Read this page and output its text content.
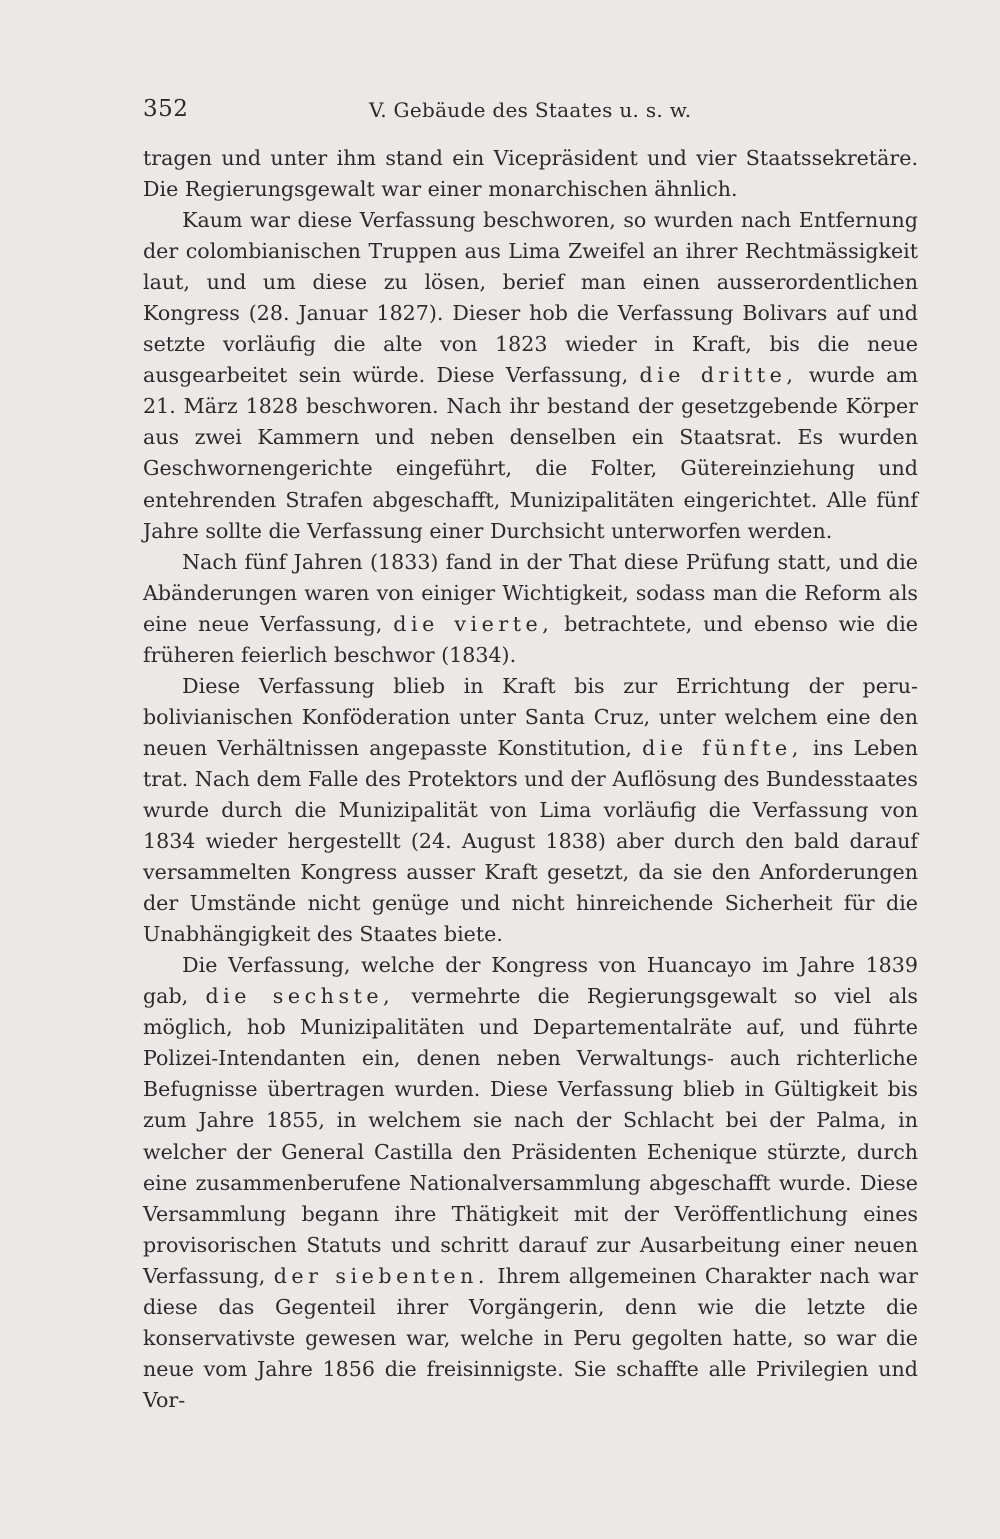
352	V. Gebäude des Staates u. s. w.

tragen und unter ihm stand ein Vicepräsident und vier Staatssekretäre. Die Regierungsgewalt war einer monarchischen ähnlich.

Kaum war diese Verfassung beschworen, so wurden nach Entfernung der colombianischen Truppen aus Lima Zweifel an ihrer Rechtmässigkeit laut, und um diese zu lösen, berief man einen ausserordentlichen Kongress (28. Januar 1827). Dieser hob die Verfassung Bolivars auf und setzte vorläufig die alte von 1823 wieder in Kraft, bis die neue ausgearbeitet sein würde. Diese Verfassung, die dritte, wurde am 21. März 1828 beschworen. Nach ihr bestand der gesetzgebende Körper aus zwei Kammern und neben denselben ein Staatsrat. Es wurden Geschwornengerichte eingeführt, die Folter, Gütereinziehung und entehrenden Strafen abgeschafft, Munizipalitäten eingerichtet. Alle fünf Jahre sollte die Verfassung einer Durchsicht unterworfen werden.

Nach fünf Jahren (1833) fand in der That diese Prüfung statt, und die Abänderungen waren von einiger Wichtigkeit, sodass man die Reform als eine neue Verfassung, die vierte, betrachtete, und ebenso wie die früheren feierlich beschwor (1834).

Diese Verfassung blieb in Kraft bis zur Errichtung der peru-bolivianischen Konföderation unter Santa Cruz, unter welchem eine den neuen Verhältnissen angepasste Konstitution, die fünfte, ins Leben trat. Nach dem Falle des Protektors und der Auflösung des Bundesstaates wurde durch die Munizipalität von Lima vorläufig die Verfassung von 1834 wieder hergestellt (24. August 1838) aber durch den bald darauf versammelten Kongress ausser Kraft gesetzt, da sie den Anforderungen der Umstände nicht genüge und nicht hinreichende Sicherheit für die Unabhängigkeit des Staates biete.

Die Verfassung, welche der Kongress von Huancayo im Jahre 1839 gab, die sechste, vermehrte die Regierungsgewalt so viel als möglich, hob Munizipalitäten und Departementalräte auf, und führte Polizei-Intendanten ein, denen neben Verwaltungs- auch richterliche Befugnisse übertragen wurden. Diese Verfassung blieb in Gültigkeit bis zum Jahre 1855, in welchem sie nach der Schlacht bei der Palma, in welcher der General Castilla den Präsidenten Echenique stürzte, durch eine zusammenberufene Nationalversammlung abgeschafft wurde. Diese Versammlung begann ihre Thätigkeit mit der Veröffentlichung eines provisorischen Statuts und schritt darauf zur Ausarbeitung einer neuen Verfassung, der siebenten. Ihrem allgemeinen Charakter nach war diese das Gegenteil ihrer Vorgängerin, denn wie die letzte die konservativste gewesen war, welche in Peru gegolten hatte, so war die neue vom Jahre 1856 die freisinnigste. Sie schaffte alle Privilegien und Vor-
